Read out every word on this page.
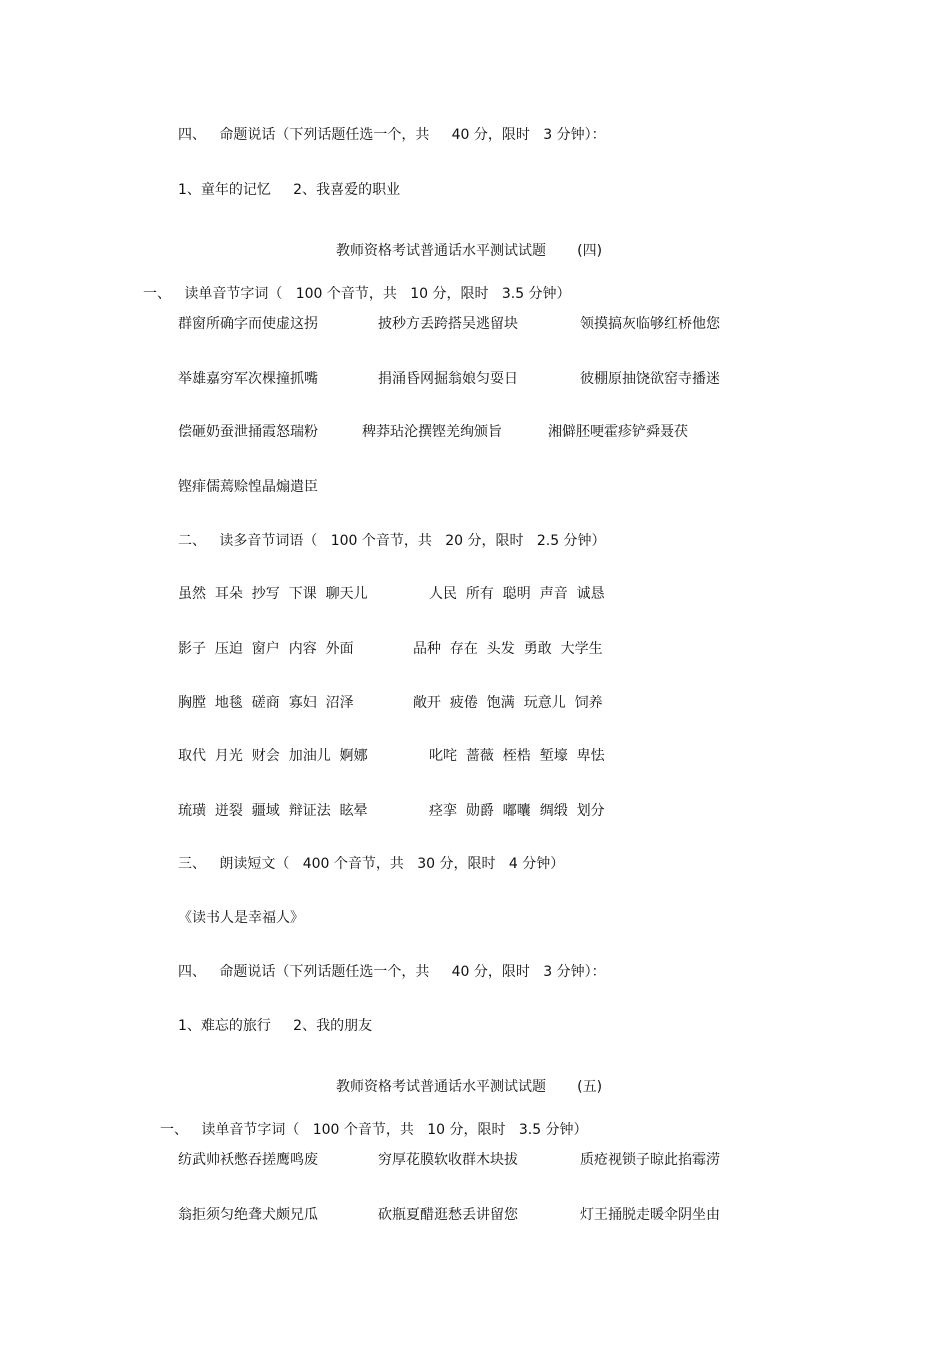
四、   命题说话（下列话题任选一个，共     40 分，限时   3 分钟）：
1、童年的记忆     2、我喜爱的职业
教师资格考试普通话水平测试试题       (四)
一、   读单音节字词（   100 个音节，共   10 分，限时   3.5 分钟）
群窗所确字而使虚这拐	披秒方丢跨搭吴逃留块	领摸搞灰临够红桥他您
举雄嘉穷军次棵撞抓嘴	捐涌昏网掘翁娘匀耍日	彼棚原抽饶欲窑寺播迷
偿砸奶蚕泄捅霞怒瑞粉	稗莽玷沦撰铿羌绚颁旨	湘僻胚哽霍疹铲舜聂茯
铿痱儒蔫赊惶晶煽遣臣
二、   读多音节词语（   100 个音节，共   20 分，限时   2.5 分钟）
虽然  耳朵  抄写  下课  聊天儿	人民  所有  聪明  声音  诚恳
影子  压迫  窗户  内容  外面	品种  存在  头发  勇敢  大学生
胸膛  地毯  磋商  寡妇  沼泽	敞开  疲倦  饱满  玩意儿  饲养
取代  月光  财会  加油儿  婀娜	叱咤  蔷薇  桎梏  堑壕  卑怯
琉璜  迸裂  疆域  辩证法  眩晕	痉挛  勋爵  嘟囔  绸缎  划分
三、   朗读短文（   400 个音节，共   30 分，限时   4 分钟）
《读书人是幸福人》
四、   命题说话（下列话题任选一个，共     40 分，限时   3 分钟）：
1、难忘的旅行     2、我的朋友
教师资格考试普通话水平测试试题       (五)
一、   读单音节字词（   100 个音节，共   10 分，限时   3.5 分钟）
纺武帅袄憋吞搓鹰鸣废	穷厚花膜软收群木块拔	质疮视锁子晾此掐霉涝
翁拒须匀绝聋犬颇兄瓜	砍瓶夏醋逛愁丢讲留您	灯王捅脱走暖伞阴坐由
